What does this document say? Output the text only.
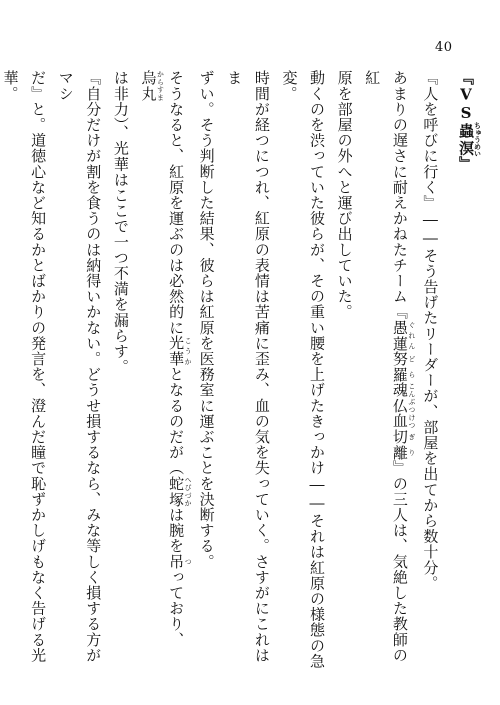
40
『VS蟲溟ちゅうめい』
『人を呼びに行く』――そう告げたリーダーが、部屋を出てから数十分。
あまりの遅さに耐えかねたチーム『愚蓮 ぐれん努羅 どら魂 こん仏 ぶつ血 けつ切離 ぎり』の三人は、気絶した教師の紅
原を部屋の外へと運び出していた。
動くのを渋っていた彼らが、その重い腰を上げたきっかけ――それは紅原の様態の急変。
時間が経つにつれ、紅原の表情は苦痛に歪み、血の気を失っていく。さすがにこれはま
ずい。そう判断した結果、彼らは紅原を医務室に運ぶことを決断する。
そうなると、紅原を運ぶのは必然的に光華 こうかとなるのだが（蛇塚 へびづかは腕を吊 つっており、烏丸 からすま
は非力）、光華はここで一つ不満を漏らす。
『自分だけが割を食うのは納得いかない。どうせ損するなら、みな等しく損する方がマシ
だ』と。道徳心など知るかとばかりの発言を、澄んだ瞳で恥ずかしげもなく告げる光
華。
